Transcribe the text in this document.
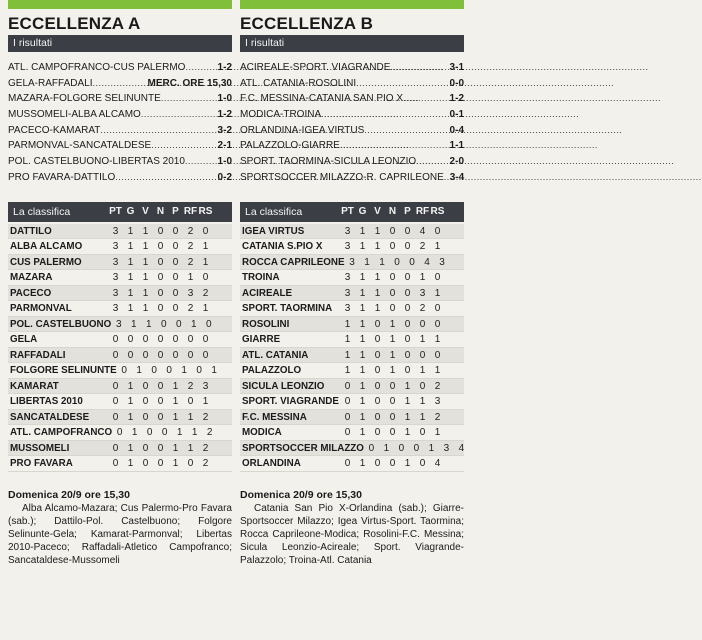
ECCELLENZA A
I risultati
ATL. CAMPOFRANCO-CUS PALERMO .....	1-2
GELA-RAFFADALI .....	MERC. ORE 15,30
MAZARA-FOLGORE SELINUNTE .....	1-0
MUSSOMELI-ALBA ALCAMO .....	1-2
PACECO-KAMARAT .....	3-2
PARMONVAL-SANCATALDESE .....	2-1
POL. CASTELBUONO-LIBERTAS 2010 .....	1-0
PRO FAVARA-DATTILO .....	0-2
La classifica	PT G V N P RF RS
DATTILO	3 1 1 0 0 2 0
ALBA ALCAMO	3 1 1 0 0 2 1
CUS PALERMO	3 1 1 0 0 2 1
MAZARA	3 1 1 0 0 1 0
PACECO	3 1 1 0 0 3 2
PARMONVAL	3 1 1 0 0 2 1
POL. CASTELBUONO 3 1 1 0 0 1 0
GELA	0 0 0 0 0 0 0
RAFFADALI	0 0 0 0 0 0 0
FOLGORE SELINUNTE 0 1 0 0 1 0 1
KAMARAT	0 1 0 0 1 2 3
LIBERTAS 2010	0 1 0 0 1 0 1
SANCATALDESE	0 1 0 0 1 1 2
ATL. CAMPOFRANCO 0 1 0 0 1 1 2
MUSSOMELI	0 1 0 0 1 1 2
PRO FAVARA	0 1 0 0 1 0 2
Domenica 20/9 ore 15,30
Alba Alcamo-Mazara; Cus Palermo-Pro Favara (sab.); Dattilo-Pol. Castelbuono; Folgore Selinunte-Gela; Kamarat-Parmonval; Libertas 2010-Paceco; Raffadali-Atletico Campofranco; Sancataldese-Mussomeli
ECCELLENZA B
I risultati
ACIREALE-SPORT. VIAGRANDE .....	3-1
ATL. CATANIA-ROSOLINI .....	0-0
F.C. MESSINA-CATANIA SAN PIO X .....	1-2
MODICA-TROINA .....	0-1
ORLANDINA-IGEA VIRTUS .....	0-4
PALAZZOLO-GIARRE .....	1-1
SPORT. TAORMINA-SICULA LEONZIO .....	2-0
SPORTSOCCER MILAZZO-R. CAPRILEONE ..... 3-4
La classifica	PT G V N P RF RS
IGEA VIRTUS	3 1 1 0 0 4 0
CATANIA S.PIO X	3 1 1 0 0 2 1
ROCCA CAPRILEONE 3 1 1 0 0 4 3
TROINA	3 1 1 0 0 1 0
ACIREALE	3 1 1 0 0 3 1
SPORT. TAORMINA	3 1 1 0 0 2 0
ROSOLINI	1 1 0 1 0 0 0
GIARRE	1 1 0 1 0 1 1
ATL. CATANIA	1 1 0 1 0 0 0
PALAZZOLO	1 1 0 1 0 1 1
SICULA LEONZIO	0 1 0 0 1 0 2
SPORT. VIAGRANDE 0 1 0 0 1 1 3
F.C. MESSINA	0 1 0 0 1 1 2
MODICA	0 1 0 0 1 0 1
SPORTSOCCER MILAZZO 0 1 0 0 1 3 4
ORLANDINA	0 1 0 0 1 0 4
Domenica 20/9 ore 15,30
Catania San Pio X-Orlandina (sab.); Giarre-Sportsoccer Milazzo; Igea Virtus-Sport. Taormina; Rocca Caprileone-Modica; Rosolini-F.C. Messina; Sicula Leonzio-Acireale; Sport. Viagrande-Palazzolo; Troina-Atl. Catania
